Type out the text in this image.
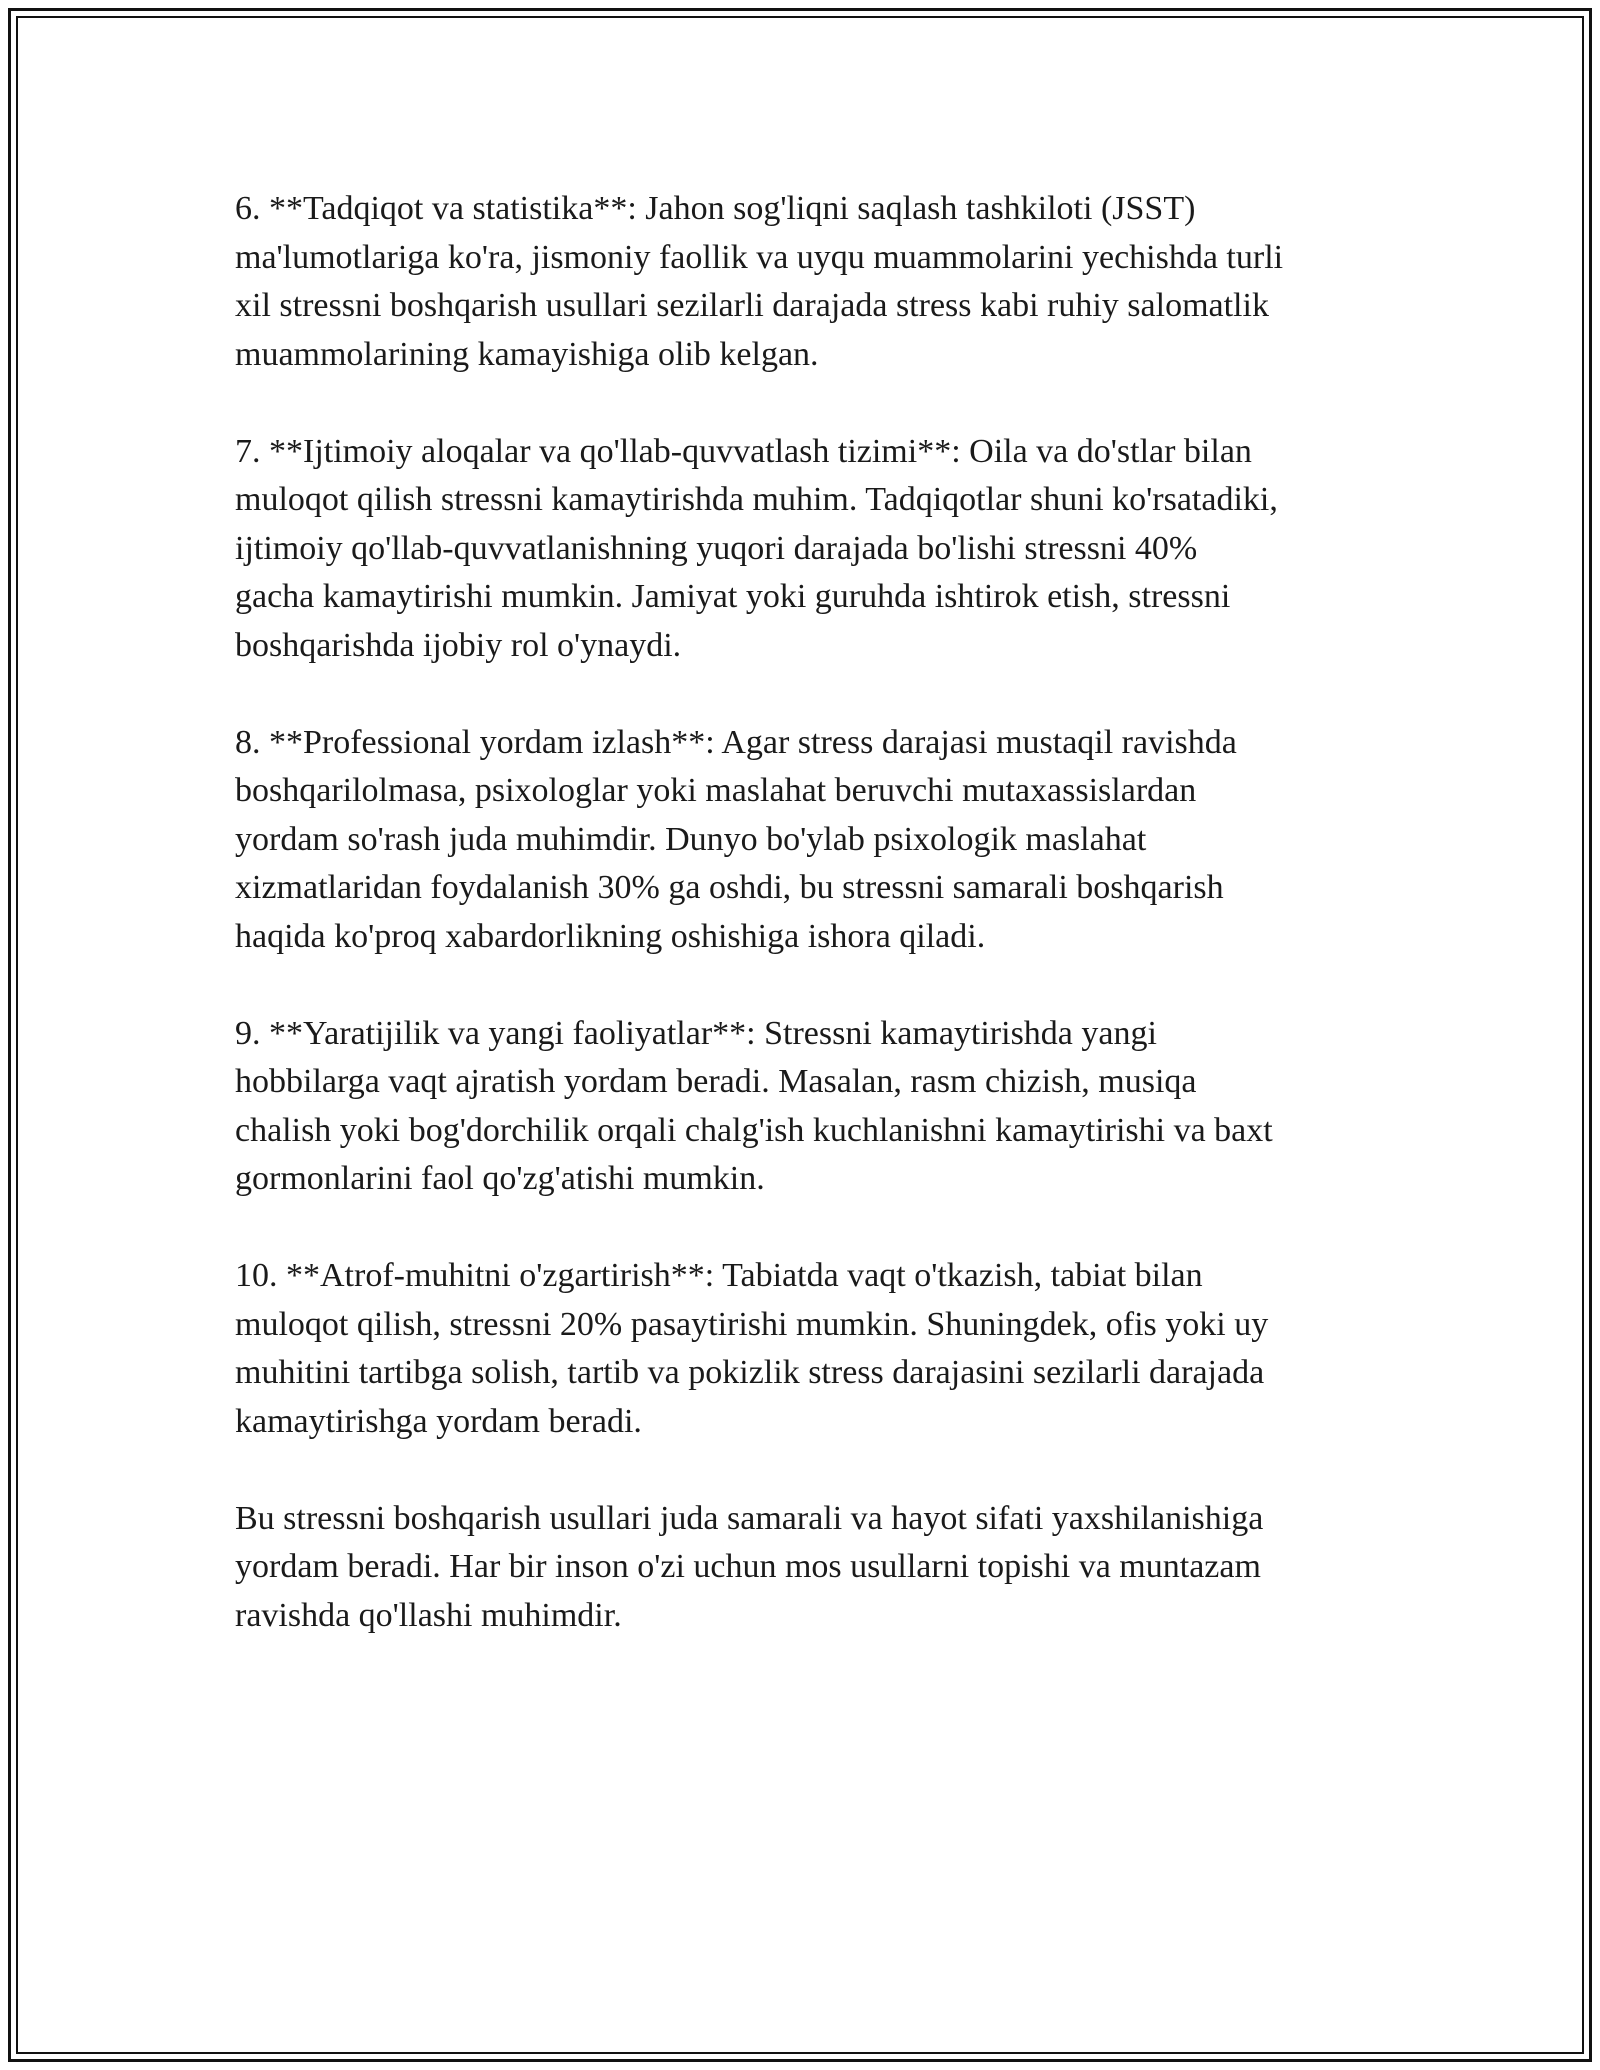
6. **Tadqiqot va statistika**: Jahon sog'liqni saqlash tashkiloti (JSST)
ma'lumotlariga ko'ra, jismoniy faollik va uyqu muammolarini yechishda turli
xil stressni boshqarish usullari sezilarli darajada stress kabi ruhiy salomatlik
muammolarining kamayishiga olib kelgan.

7. **Ijtimoiy aloqalar va qo'llab-quvvatlash tizimi**: Oila va do'stlar bilan
muloqot qilish stressni kamaytirishda muhim. Tadqiqotlar shuni ko'rsatadiki,
ijtimoiy qo'llab-quvvatlanishning yuqori darajada bo'lishi stressni 40%
gacha kamaytirishi mumkin. Jamiyat yoki guruhda ishtirok etish, stressni
boshqarishda ijobiy rol o'ynaydi.

8. **Professional yordam izlash**: Agar stress darajasi mustaqil ravishda
boshqarilolmasa, psixologlar yoki maslahat beruvchi mutaxassislardan
yordam so'rash juda muhimdir. Dunyo bo'ylab psixologik maslahat
xizmatlaridan foydalanish 30% ga oshdi, bu stressni samarali boshqarish
haqida ko'proq xabardorlikning oshishiga ishora qiladi.

9. **Yaratijilik va yangi faoliyatlar**: Stressni kamaytirishda yangi
hobbilarga vaqt ajratish yordam beradi. Masalan, rasm chizish, musiqa
chalish yoki bog'dorchilik orqali chalg'ish kuchlanishni kamaytirishi va baxt
gormonlarini faol qo'zg'atishi mumkin.

10. **Atrof-muhitni o'zgartirish**: Tabiatda vaqt o'tkazish, tabiat bilan
muloqot qilish, stressni 20% pasaytirishi mumkin. Shuningdek, ofis yoki uy
muhitini tartibga solish, tartib va pokizlik stress darajasini sezilarli darajada
kamaytirishga yordam beradi.

Bu stressni boshqarish usullari juda samarali va hayot sifati yaxshilanishiga
yordam beradi. Har bir inson o'zi uchun mos usullarni topishi va muntazam
ravishda qo'llashi muhimdir.
